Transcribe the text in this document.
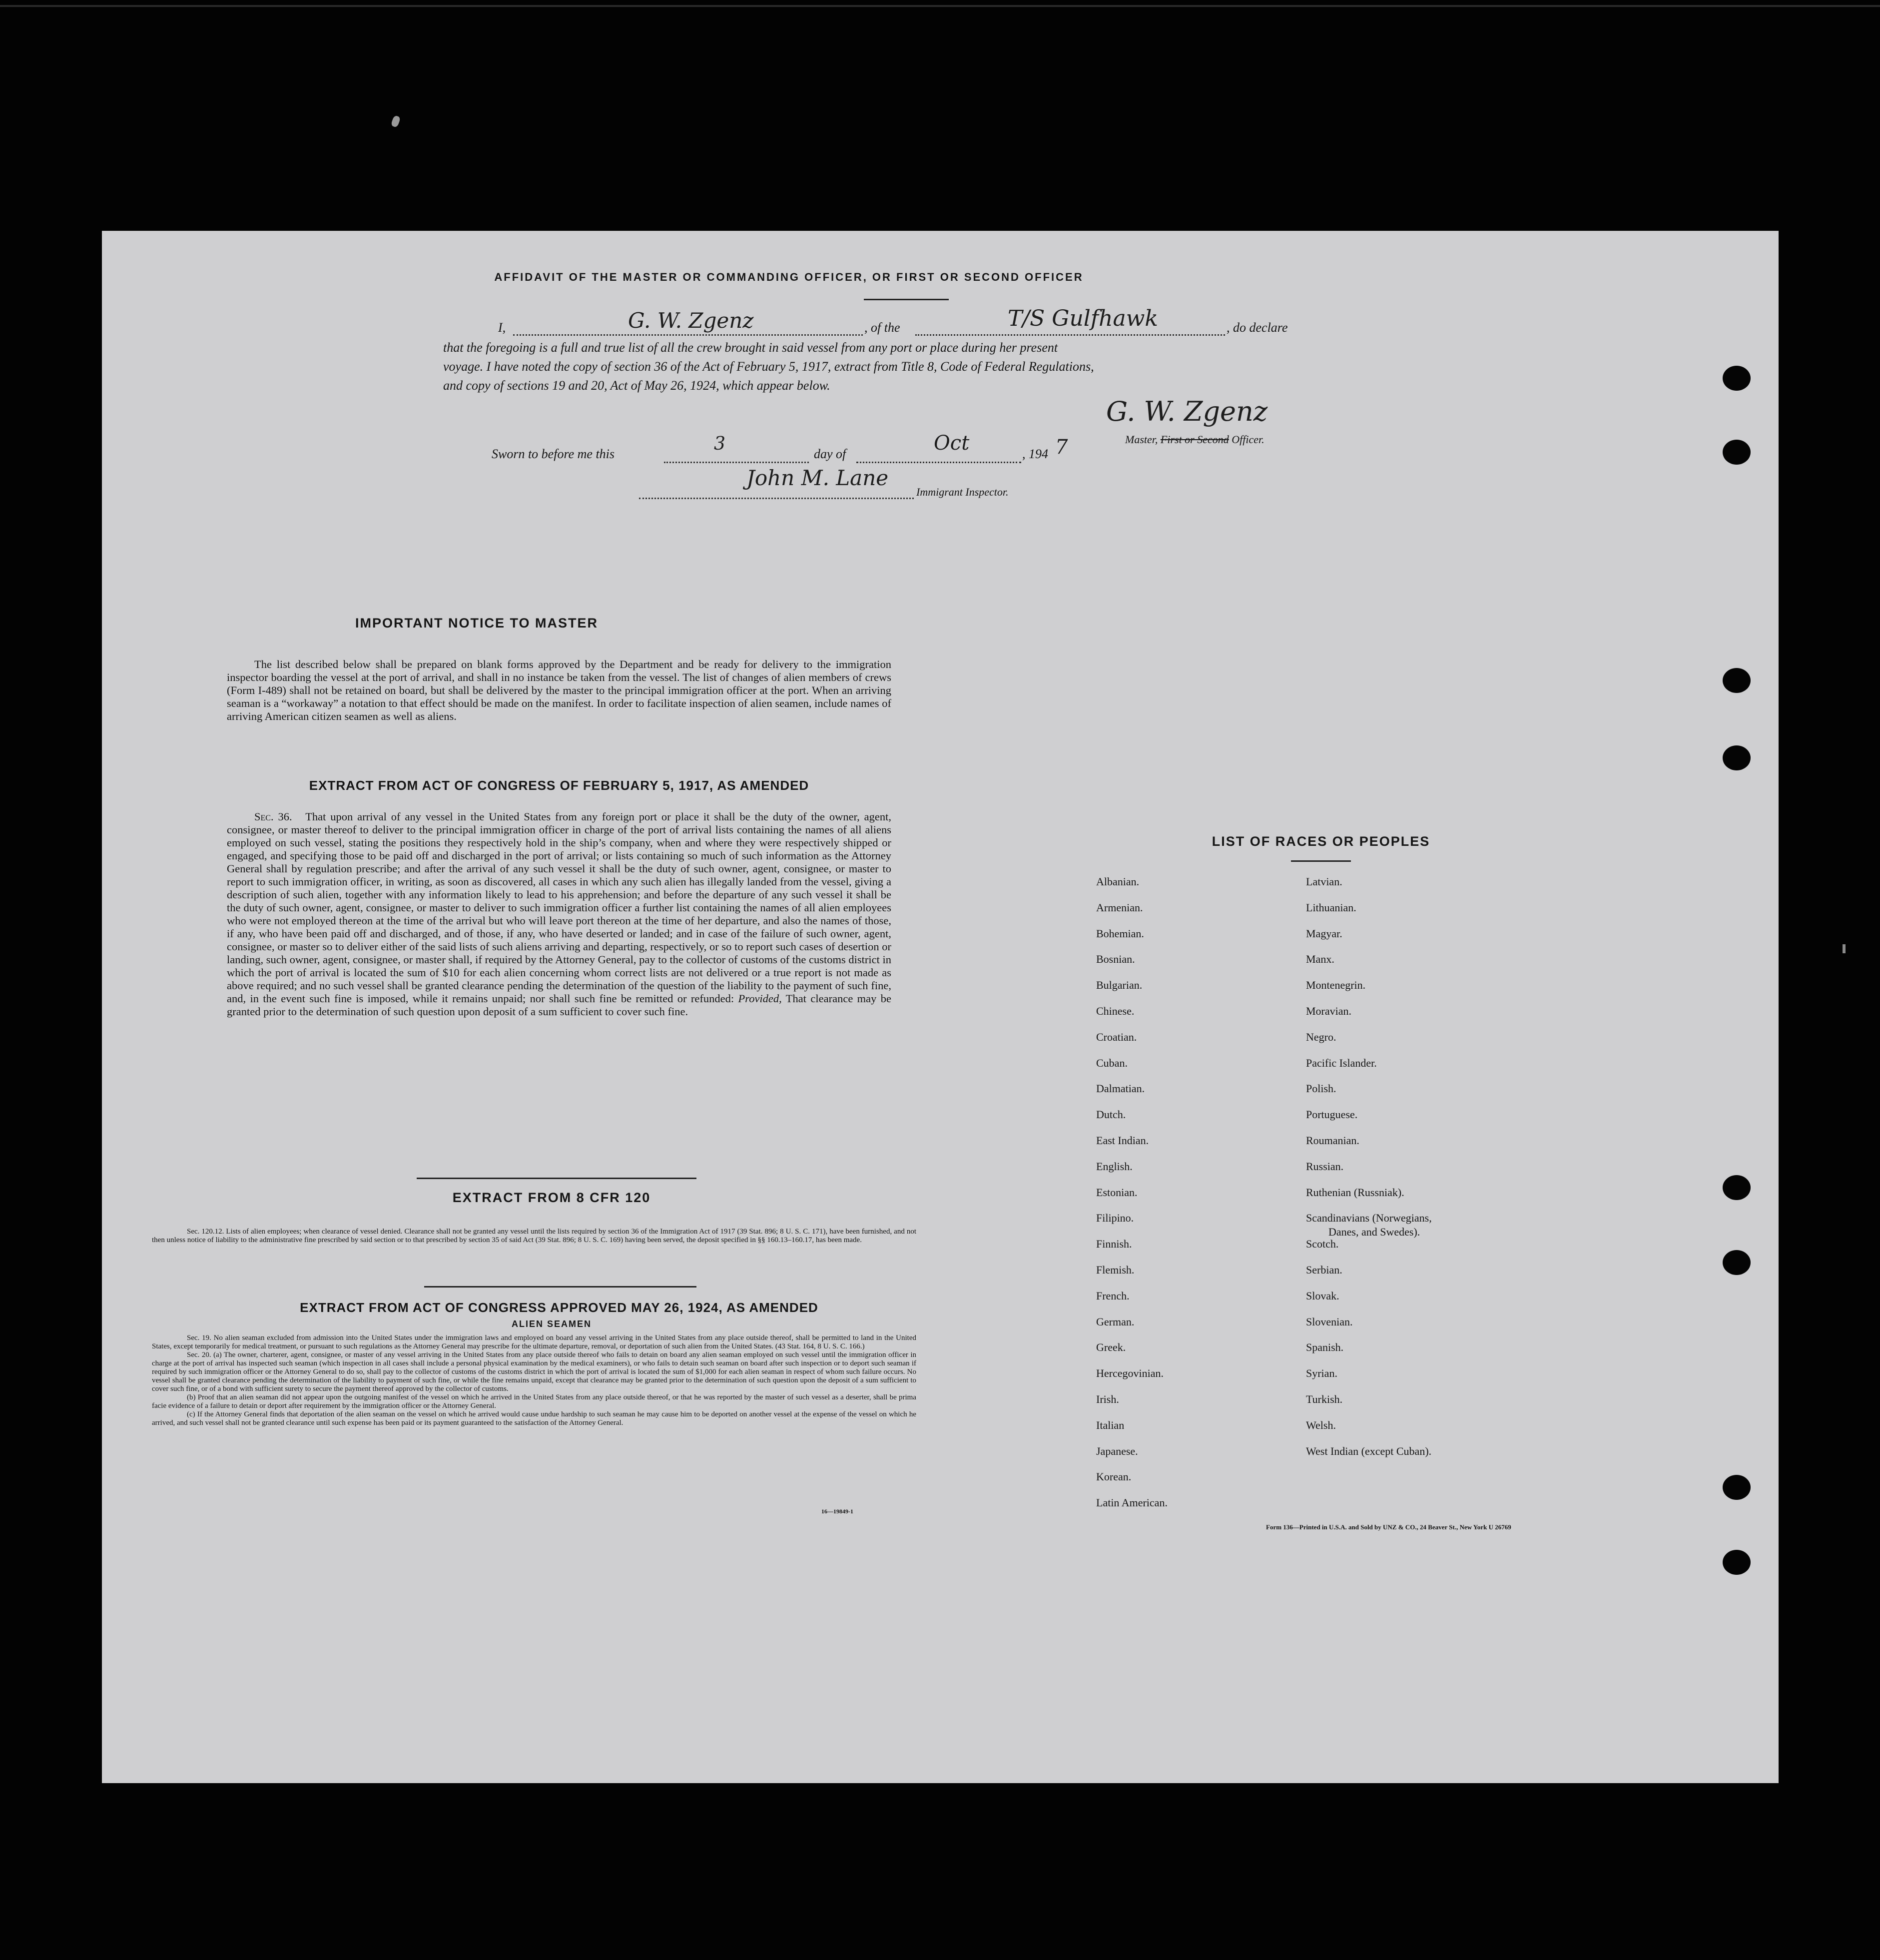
AFFIDAVIT OF THE MASTER OR COMMANDING OFFICER, OR FIRST OR SECOND OFFICER
I,	G. W. Zgenz	, of the	T/S Gulfhawk	, do declare
that the foregoing is a full and true list of all the crew brought in said vessel from any port or place during her present
voyage. I have noted the copy of section 36 of the Act of February 5, 1917, extract from Title 8, Code of Federal Regulations,
and copy of sections 19 and 20, Act of May 26, 1924, which appear below.
G. W. Zgenz
Master, First or Second Officer.
Sworn to before me this	3	day of	Oct	, 194 7
John M. Lane
Immigrant Inspector.
IMPORTANT NOTICE TO MASTER
The list described below shall be prepared on blank forms approved by the Department and be ready for delivery to the immigration inspector boarding the vessel at the port of arrival, and shall in no instance be taken from the vessel. The list of changes of alien members of crews (Form I-489) shall not be retained on board, but shall be delivered by the master to the principal immigration officer at the port. When an arriving seaman is a “workaway” a notation to that effect should be made on the manifest. In order to facilitate inspection of alien seamen, include names of arriving American citizen seamen as well as aliens.
EXTRACT FROM ACT OF CONGRESS OF FEBRUARY 5, 1917, AS AMENDED
Sec. 36. That upon arrival of any vessel in the United States from any foreign port or place it shall be the duty of the owner, agent, consignee, or master thereof to deliver to the principal immigration officer in charge of the port of arrival lists containing the names of all aliens employed on such vessel, stating the positions they respectively hold in the ship’s company, when and where they were respectively shipped or engaged, and specifying those to be paid off and discharged in the port of arrival; or lists containing so much of such information as the Attorney General shall by regulation prescribe; and after the arrival of any such vessel it shall be the duty of such owner, agent, consignee, or master to report to such immigration officer, in writing, as soon as discovered, all cases in which any such alien has illegally landed from the vessel, giving a description of such alien, together with any information likely to lead to his apprehension; and before the departure of any such vessel it shall be the duty of such owner, agent, consignee, or master to deliver to such immigration officer a further list containing the names of all alien employees who were not employed thereon at the time of the arrival but who will leave port thereon at the time of her departure, and also the names of those, if any, who have been paid off and discharged, and of those, if any, who have deserted or landed; and in case of the failure of such owner, agent, consignee, or master so to deliver either of the said lists of such aliens arriving and departing, respectively, or so to report such cases of desertion or landing, such owner, agent, consignee, or master shall, if required by the Attorney General, pay to the collector of customs of the customs district in which the port of arrival is located the sum of $10 for each alien concerning whom correct lists are not delivered or a true report is not made as above required; and no such vessel shall be granted clearance pending the determination of the question of the liability to the payment of such fine, and, in the event such fine is imposed, while it remains unpaid; nor shall such fine be remitted or refunded: Provided, That clearance may be granted prior to the determination of such question upon deposit of a sum sufficient to cover such fine.
EXTRACT FROM 8 CFR 120
Sec. 120.12. Lists of alien employees; when clearance of vessel denied. Clearance shall not be granted any vessel until the lists required by section 36 of the Immigration Act of 1917 (39 Stat. 896; 8 U. S. C. 171), have been furnished, and not then unless notice of liability to the administrative fine prescribed by said section or to that prescribed by section 35 of said Act (39 Stat. 896; 8 U. S. C. 169) having been served, the deposit specified in §§ 160.13–160.17, has been made.
EXTRACT FROM ACT OF CONGRESS APPROVED MAY 26, 1924, AS AMENDED
ALIEN SEAMEN
Sec. 19. No alien seaman excluded from admission into the United States under the immigration laws and employed on board any vessel arriving in the United States from any place outside thereof, shall be permitted to land in the United States, except temporarily for medical treatment, or pursuant to such regulations as the Attorney General may prescribe for the ultimate departure, removal, or deportation of such alien from the United States. (43 Stat. 164, 8 U. S. C. 166.)
Sec. 20. (a) The owner, charterer, agent, consignee, or master of any vessel arriving in the United States from any place outside thereof who fails to detain on board any alien seaman employed on such vessel until the immigration officer in charge at the port of arrival has inspected such seaman (which inspection in all cases shall include a personal physical examination by the medical examiners), or who fails to detain such seaman on board after such inspection or to deport such seaman if required by such immigration officer or the Attorney General to do so, shall pay to the collector of customs of the customs district in which the port of arrival is located the sum of $1,000 for each alien seaman in respect of whom such failure occurs. No vessel shall be granted clearance pending the determination of the liability to payment of such fine, or while the fine remains unpaid, except that clearance may be granted prior to the determination of such question upon the deposit of a sum sufficient to cover such fine, or of a bond with sufficient surety to secure the payment thereof approved by the collector of customs.
(b) Proof that an alien seaman did not appear upon the outgoing manifest of the vessel on which he arrived in the United States from any place outside thereof, or that he was reported by the master of such vessel as a deserter, shall be prima facie evidence of a failure to detain or deport after requirement by the immigration officer or the Attorney General.
(c) If the Attorney General finds that deportation of the alien seaman on the vessel on which he arrived would cause undue hardship to such seaman he may cause him to be deported on another vessel at the expense of the vessel on which he arrived, and such vessel shall not be granted clearance until such expense has been paid or its payment guaranteed to the satisfaction of the Attorney General.
16—19849-1
LIST OF RACES OR PEOPLES
Albanian.
Armenian.
Bohemian.
Bosnian.
Bulgarian.
Chinese.
Croatian.
Cuban.
Dalmatian.
Dutch.
East Indian.
English.
Estonian.
Filipino.
Finnish.
Flemish.
French.
German.
Greek.
Hercegovinian.
Irish.
Italian
Japanese.
Korean.
Latin American.
Latvian.
Lithuanian.
Magyar.
Manx.
Montenegrin.
Moravian.
Negro.
Pacific Islander.
Polish.
Portuguese.
Roumanian.
Russian.
Ruthenian (Russniak).
Scandinavians (Norwegians,
Danes, and Swedes).
Scotch.
Serbian.
Slovak.
Slovenian.
Spanish.
Syrian.
Turkish.
Welsh.
West Indian (except Cuban).
Form 136—Printed in U.S.A. and Sold by UNZ & CO., 24 Beaver St., New York U 26769
